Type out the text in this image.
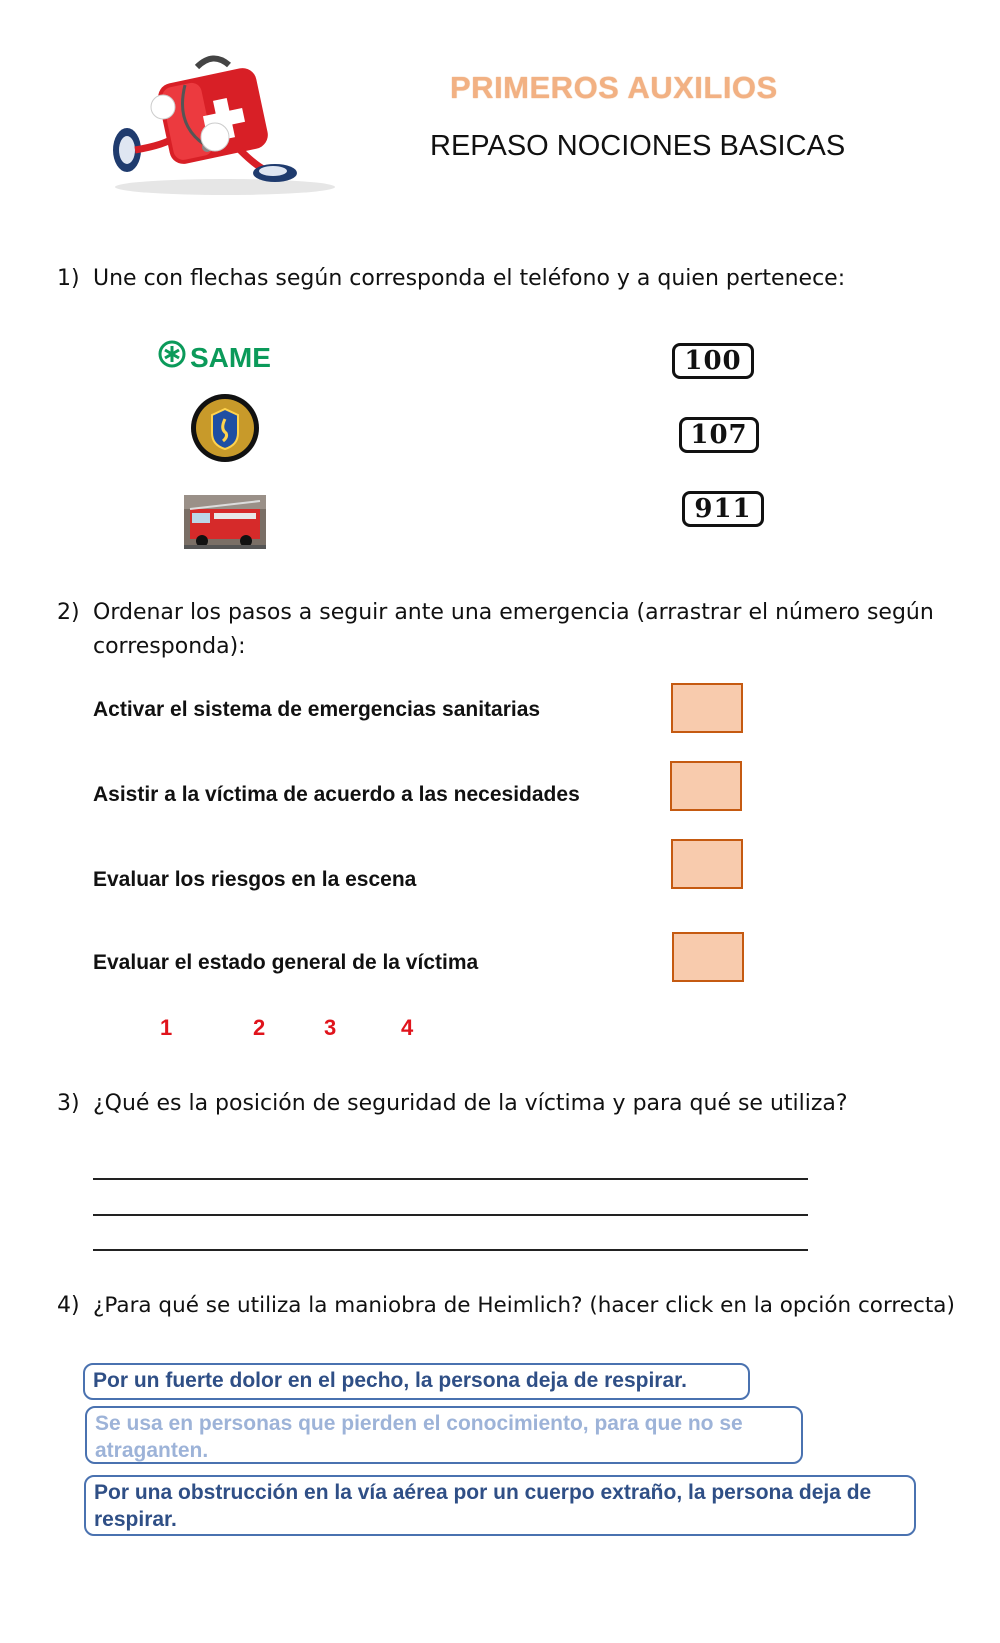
PRIMEROS AUXILIOS
REPASO NOCIONES BASICAS
1) Une con flechas según corresponda el teléfono y a quien pertenece:
SAME	100
107
911
2) Ordenar los pasos a seguir ante una emergencia (arrastrar el número según
corresponda):
Activar el sistema de emergencias sanitarias
Asistir a la víctima de acuerdo a las necesidades
Evaluar los riesgos en la escena
Evaluar el estado general de la víctima
1	2	3	4
3) ¿Qué es la posición de seguridad de la víctima y para qué se utiliza?
4) ¿Para qué se utiliza la maniobra de Heimlich? (hacer click en la opción correcta)
Por un fuerte dolor en el pecho, la persona deja de respirar.
Se usa en personas que pierden el conocimiento, para que no se atraganten.
Por una obstrucción en la vía aérea por un cuerpo extraño, la persona deja de respirar.
